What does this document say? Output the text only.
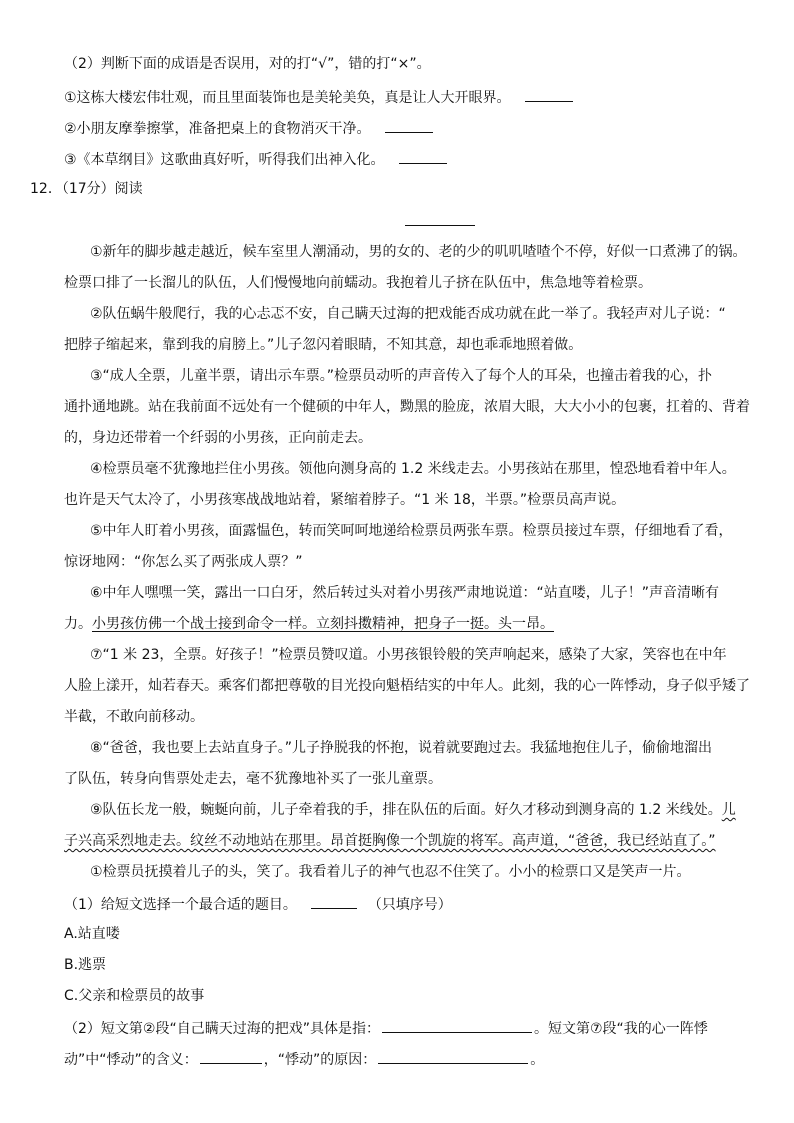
（2）判断下面的成语是否误用，对的打“√”，错的打“×”。
①这栋大楼宏伟壮观，而且里面装饰也是美轮美奂，真是让人大开眼界。
②小朋友摩拳擦掌，准备把桌上的食物消灭干净。
③《本草纲目》这歌曲真好听，听得我们出神入化。
12．（17分）阅读
①新年的脚步越走越近，候车室里人潮涌动，男的女的、老的少的叽叽喳喳个不停，好似一口煮沸了的锅。
检票口排了一长溜儿的队伍，人们慢慢地向前蠕动。我抱着儿子挤在队伍中，焦急地等着检票。
②队伍蜗牛般爬行，我的心忐忑不安，自己瞒天过海的把戏能否成功就在此一举了。我轻声对儿子说：“
把脖子缩起来，靠到我的肩膀上。”儿子忽闪着眼睛，不知其意，却也乖乖地照着做。
③“成人全票，儿童半票，请出示车票。”检票员动听的声音传入了每个人的耳朵，也撞击着我的心，扑
通扑通地跳。站在我前面不远处有一个健硕的中年人，黝黑的脸庞，浓眉大眼，大大小小的包裹，扛着的、背着
的，身边还带着一个纤弱的小男孩，正向前走去。
④检票员毫不犹豫地拦住小男孩。领他向测身高的 1.2 米线走去。小男孩站在那里，惶恐地看着中年人。
也许是天气太冷了，小男孩寒战战地站着，紧缩着脖子。“1 米 18，半票。”检票员高声说。
⑤中年人盯着小男孩，面露愠色，转而笑呵呵地递给检票员两张车票。检票员接过车票，仔细地看了看，
惊讶地网：“你怎么买了两张成人票？”
⑥中年人嘿嘿一笑，露出一口白牙，然后转过头对着小男孩严肃地说道：“站直喽，儿子！”声音清晰有
力。小男孩仿佛一个战士接到命令一样。立刻抖擞精神，把身子一挺。头一昂。
⑦“1 米 23，全票。好孩子！”检票员赞叹道。小男孩银铃般的笑声响起来，感染了大家，笑容也在中年
人脸上漾开，灿若春天。乘客们都把尊敬的目光投向魁梧结实的中年人。此刻，我的心一阵悸动，身子似乎矮了
半截，不敢向前移动。
⑧“爸爸，我也要上去站直身子。”儿子挣脱我的怀抱，说着就要跑过去。我猛地抱住儿子，偷偷地溜出
了队伍，转身向售票处走去，毫不犹豫地补买了一张儿童票。
⑨队伍长龙一般，蜿蜒向前，儿子牵着我的手，排在队伍的后面。好久才移动到测身高的 1.2 米线处。儿
子兴高采烈地走去。纹丝不动地站在那里。昂首挺胸像一个凯旋的将军。高声道，“爸爸，我已经站直了。”
①检票员抚摸着儿子的头，笑了。我看着儿子的神气也忍不住笑了。小小的检票口又是笑声一片。
（1）给短文选择一个最合适的题目。	（只填序号）
A.站直喽
B.逃票
C.父亲和检票员的故事
（2）短文第②段“自己瞒天过海的把戏”具体是指：	。短文第⑦段“我的心一阵悸
动”中“悸动”的含义：	，“悸动”的原因：	。
